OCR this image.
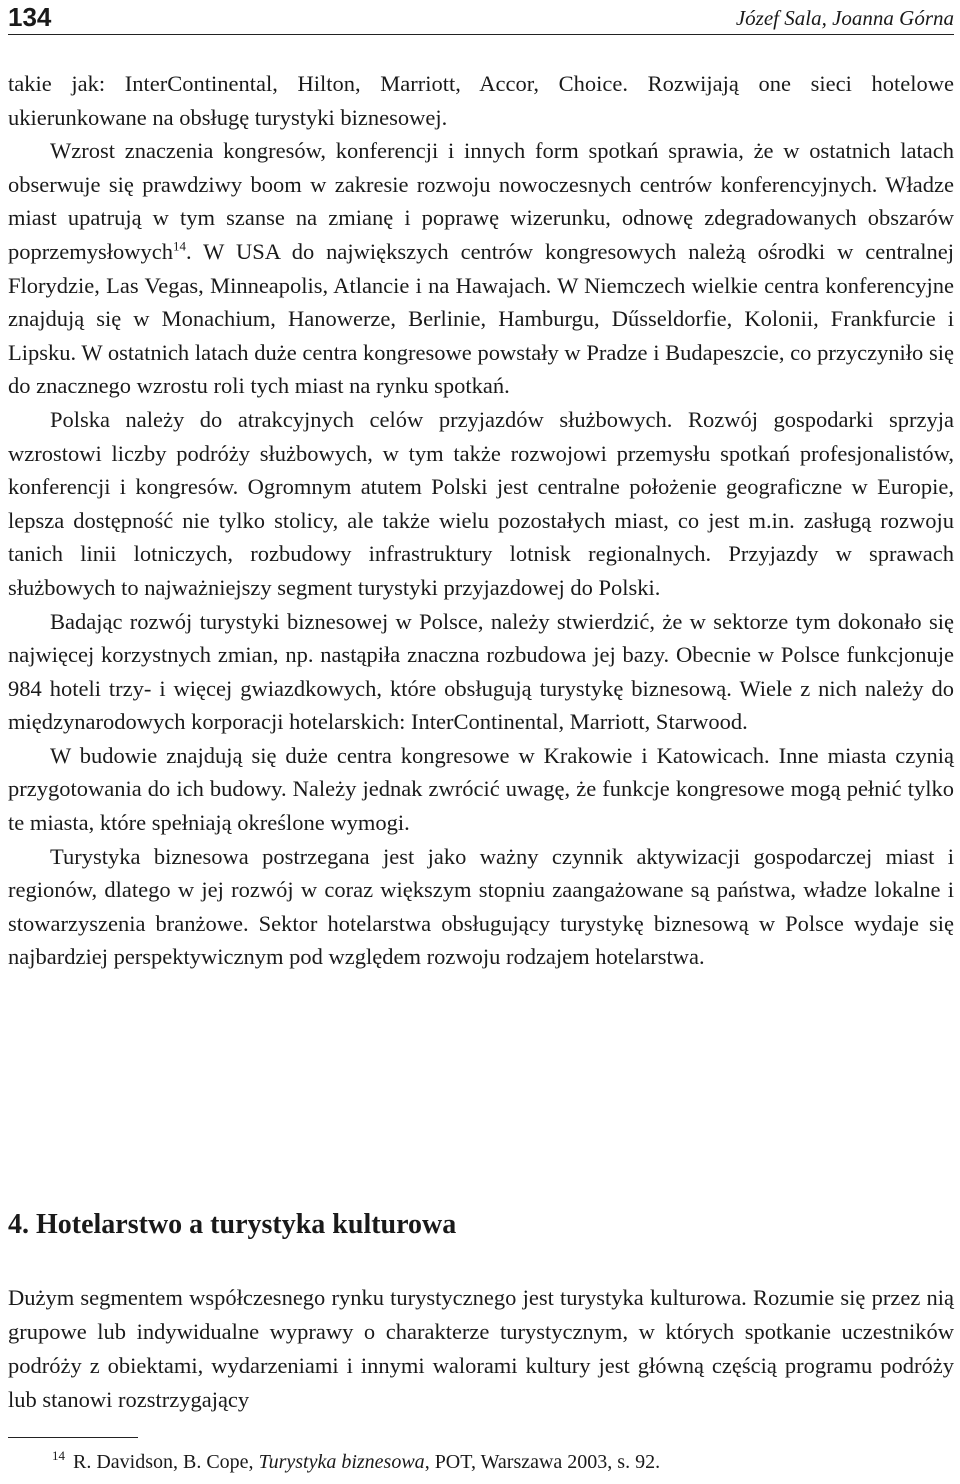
134	Józef Sala, Joanna Górna

takie jak: InterContinental, Hilton, Marriott, Accor, Choice. Rozwijają one sieci hotelowe ukierunkowane na obsługę turystyki biznesowej.

Wzrost znaczenia kongresów, konferencji i innych form spotkań sprawia, że w ostatnich latach obserwuje się prawdziwy boom w zakresie rozwoju nowoczesnych centrów konferencyjnych. Władze miast upatrują w tym szanse na zmianę i poprawę wizerunku, odnowę zdegradowanych obszarów poprzemysłowych$^{14}$. W USA do największych centrów kongresowych należą ośrodki w centralnej Florydzie, Las Vegas, Minneapolis, Atlancie i na Hawajach. W Niemczech wielkie centra konferencyjne znajdują się w Monachium, Hanowerze, Berlinie, Hamburgu, Dűsseldorfie, Kolonii, Frankfurcie i Lipsku. W ostatnich latach duże centra kongresowe powstały w Pradze i Budapeszcie, co przyczyniło się do znacznego wzrostu roli tych miast na rynku spotkań.

Polska należy do atrakcyjnych celów przyjazdów służbowych. Rozwój gospodarki sprzyja wzrostowi liczby podróży służbowych, w tym także rozwojowi przemysłu spotkań profesjonalistów, konferencji i kongresów. Ogromnym atutem Polski jest centralne położenie geograficzne w Europie, lepsza dostępność nie tylko stolicy, ale także wielu pozostałych miast, co jest m.in. zasługą rozwoju tanich linii lotniczych, rozbudowy infrastruktury lotnisk regionalnych. Przyjazdy w sprawach służbowych to najważniejszy segment turystyki przyjazdowej do Polski.

Badając rozwój turystyki biznesowej w Polsce, należy stwierdzić, że w sektorze tym dokonało się najwięcej korzystnych zmian, np. nastąpiła znaczna rozbudowa jej bazy. Obecnie w Polsce funkcjonuje 984 hoteli trzy- i więcej gwiazdkowych, które obsługują turystykę biznesową. Wiele z nich należy do międzynarodowych korporacji hotelarskich: InterContinental, Marriott, Starwood.

W budowie znajdują się duże centra kongresowe w Krakowie i Katowicach. Inne miasta czynią przygotowania do ich budowy. Należy jednak zwrócić uwagę, że funkcje kongresowe mogą pełnić tylko te miasta, które spełniają określone wymogi.

Turystyka biznesowa postrzegana jest jako ważny czynnik aktywizacji gospodarczej miast i regionów, dlatego w jej rozwój w coraz większym stopniu zaangażowane są państwa, władze lokalne i stowarzyszenia branżowe. Sektor hotelarstwa obsługujący turystykę biznesową w Polsce wydaje się najbardziej perspektywicznym pod względem rozwoju rodzajem hotelarstwa.

4. Hotelarstwo a turystyka kulturowa

Dużym segmentem współczesnego rynku turystycznego jest turystyka kulturowa. Rozumie się przez nią grupowe lub indywidualne wyprawy o charakterze turystycznym, w których spotkanie uczestników podróży z obiektami, wydarzeniami i innymi walorami kultury jest główną częścią programu podróży lub stanowi rozstrzygający

$^{14}$ R. Davidson, B. Cope, Turystyka biznesowa, POT, Warszawa 2003, s. 92.
